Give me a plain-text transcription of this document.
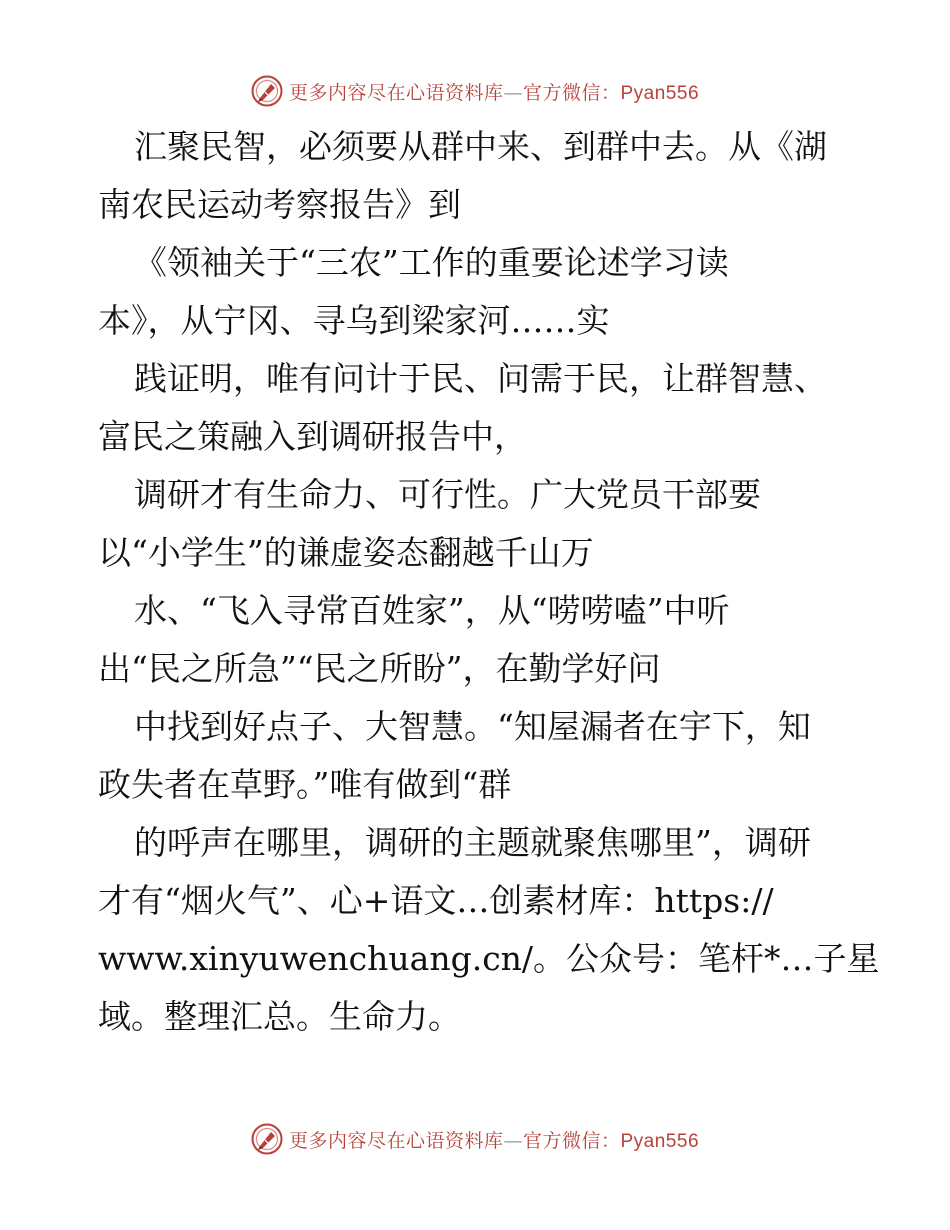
更多内容尽在心语资料库—官方微信：Pyan556
汇聚民智，必须要从群中来、到群中去。从《湖
南农民运动考察报告》到
《领袖关于“三农”工作的重要论述学习读
本》，从宁冈、寻乌到梁家河……实
践证明，唯有问计于民、问需于民，让群智慧、
富民之策融入到调研报告中，
调研才有生命力、可行性。广大党员干部要
以“小学生”的谦虚姿态翻越千山万
水、“飞入寻常百姓家”，从“唠唠嗑”中听
出“民之所急”“民之所盼”，在勤学好问
中找到好点子、大智慧。“知屋漏者在宇下，知
政失者在草野。”唯有做到“群
的呼声在哪里，调研的主题就聚焦哪里”，调研
才有“烟火气”、心+语文…创素材库：https://
www.xinyuwenchuang.cn/。公众号：笔杆*…子星
域。整理汇总。生命力。
更多内容尽在心语资料库—官方微信：Pyan556
